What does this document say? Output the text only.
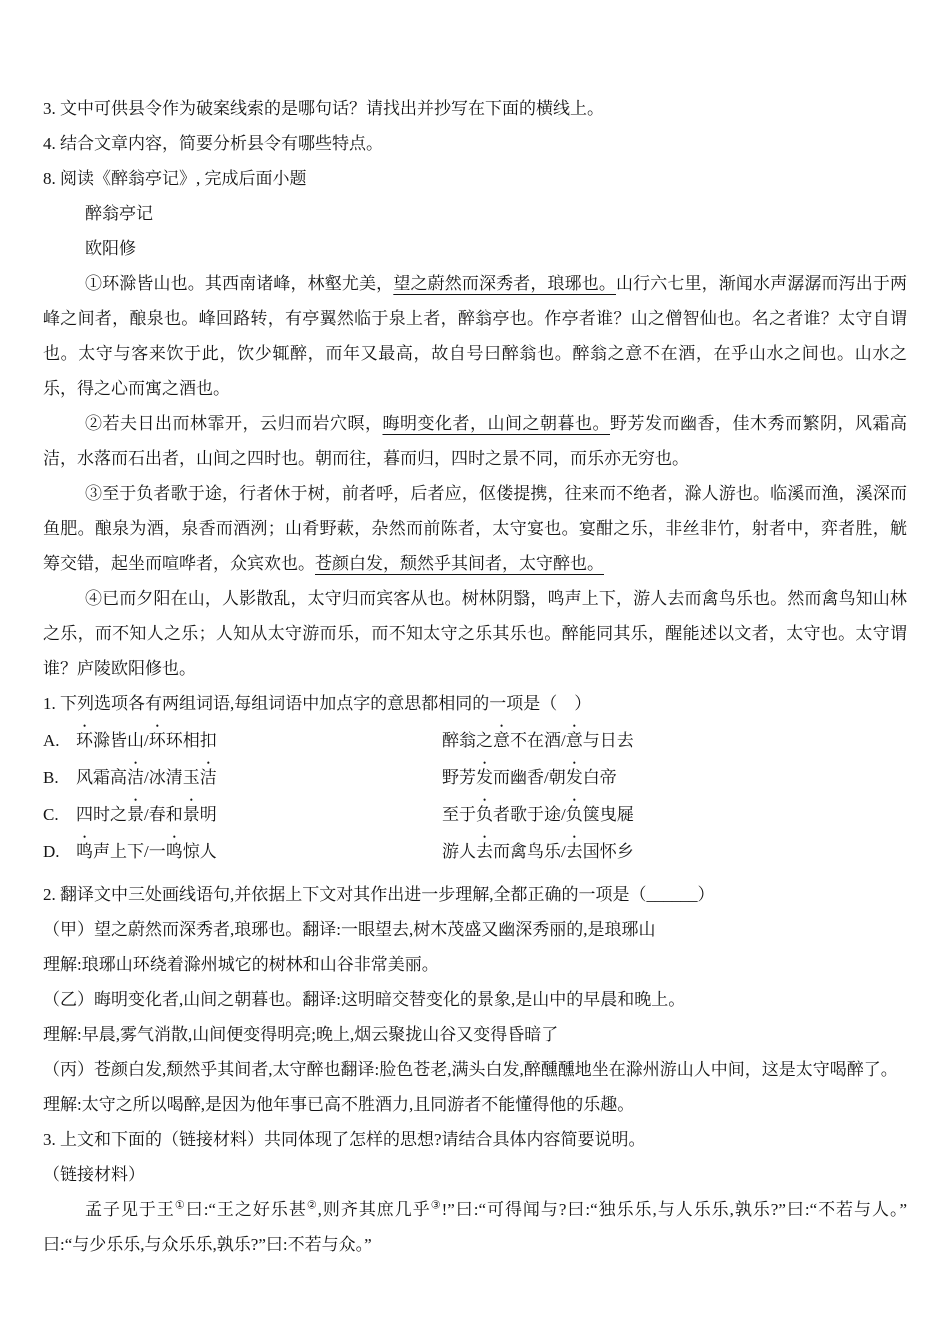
3. 文中可供县令作为破案线索的是哪句话？请找出并抄写在下面的横线上。

4. 结合文章内容，简要分析县令有哪些特点。

8. 阅读《醉翁亭记》, 完成后面小题

醉翁亭记

欧阳修

①环滁皆山也。其西南诸峰，林壑尤美，望之蔚然而深秀者，琅琊也。山行六七里，渐闻水声潺潺而泻出于两峰之间者，酿泉也。峰回路转，有亭翼然临于泉上者，醉翁亭也。作亭者谁？山之僧智仙也。名之者谁？太守自谓也。太守与客来饮于此，饮少辄醉，而年又最高，故自号曰醉翁也。醉翁之意不在酒，在乎山水之间也。山水之乐，得之心而寓之酒也。

②若夫日出而林霏开，云归而岩穴暝，晦明变化者，山间之朝暮也。野芳发而幽香，佳木秀而繁阴，风霜高洁，水落而石出者，山间之四时也。朝而往，暮而归，四时之景不同，而乐亦无穷也。

③至于负者歌于途，行者休于树，前者呼，后者应，伛偻提携，往来而不绝者，滁人游也。临溪而渔，溪深而鱼肥。酿泉为酒，泉香而酒洌；山肴野蔌，杂然而前陈者，太守宴也。宴酣之乐，非丝非竹，射者中，弈者胜，觥筹交错，起坐而喧哗者，众宾欢也。苍颜白发，颓然乎其间者，太守醉也。

④已而夕阳在山，人影散乱，太守归而宾客从也。树林阴翳，鸣声上下，游人去而禽鸟乐也。然而禽鸟知山林之乐，而不知人之乐；人知从太守游而乐，而不知太守之乐其乐也。醉能同其乐，醒能述以文者，太守也。太守谓谁？庐陵欧阳修也。

1. 下列选项各有两组词语,每组词语中加点字的意思都相同的一项是（　）

A. 环滁皆山/环环相扣	醉翁之意不在酒/意与日去

B. 风霜高洁/冰清玉洁	野芳发而幽香/朝发白帝

C. 四时之景/春和景明	至于负者歌于途/负箧曳屣

D. 鸣声上下/一鸣惊人	游人去而禽鸟乐/去国怀乡

2. 翻译文中三处画线语句,并依据上下文对其作出进一步理解,全都正确的一项是（______）

（甲）望之蔚然而深秀者,琅琊也。翻译:一眼望去,树木茂盛又幽深秀丽的,是琅琊山

理解:琅琊山环绕着滁州城它的树林和山谷非常美丽。

（乙）晦明变化者,山间之朝暮也。翻译:这明暗交替变化的景象,是山中的早晨和晚上。

理解:早晨,雾气消散,山间便变得明亮;晚上,烟云聚拢山谷又变得昏暗了

（丙）苍颜白发,颓然乎其间者,太守醉也翻译:脸色苍老,满头白发,醉醺醺地坐在滁州游山人中间，这是太守喝醉了。

理解:太守之所以喝醉,是因为他年事已高不胜酒力,且同游者不能懂得他的乐趣。

3. 上文和下面的（链接材料）共同体现了怎样的思想?请结合具体内容简要说明。

（链接材料）

孟子见于王①曰:“王之好乐甚②,则齐其庶几乎③!”曰:“可得闻与?曰:“独乐乐,与人乐乐,孰乐?”曰:“不若与人。” 曰:“与少乐乐,与众乐乐,孰乐?”曰:不若与众。”
